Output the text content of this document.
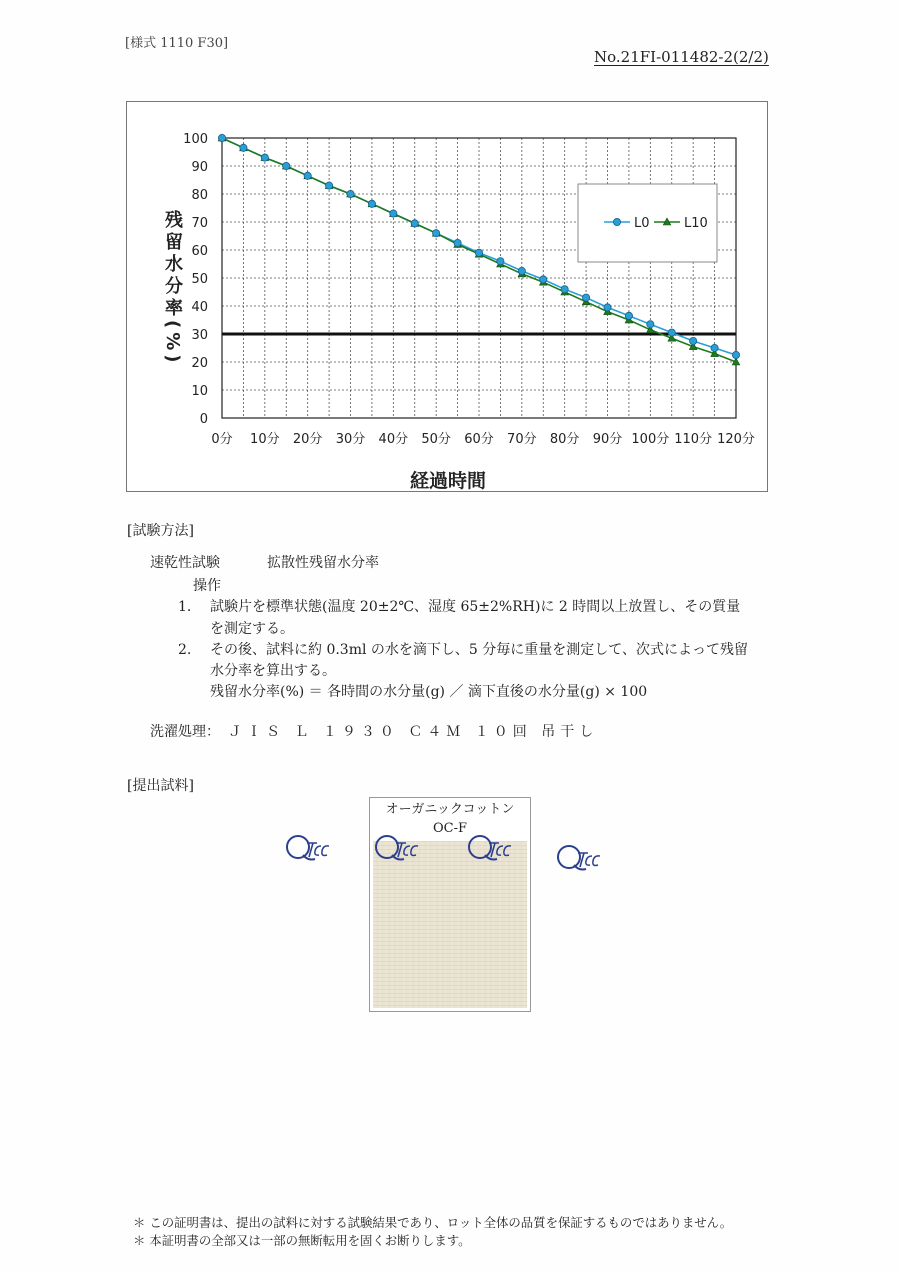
[様式 1110 F30]
No.21FI-011482-2(2/2)
0
10
20
30
40
50
60
70
80
90
100
0分 10分 20分 30分 40分 50分 60分 70分 80分 90分 100分 110分 120分
L0	L10
残留水分率(%)
経過時間
[試験方法]
速乾性試験	拡散性残留水分率
操作
1. 試験片を標準状態(温度 20±2℃、湿度 65±2%RH)に 2 時間以上放置し、その質量
を測定する。
2. その後、試料に約 0.3ml の水を滴下し、5 分毎に重量を測定して、次式によって残留
水分率を算出する。
残留水分率(%) ＝ 各時間の水分量(g) ／ 滴下直後の水分量(g) × 100
洗濯処理： ＪＩＳ Ｌ １９３０ Ｃ４Ｍ １０回 吊干し
[提出試料]
オーガニックコットン
OC-F
＊ この証明書は、提出の試料に対する試験結果であり、ロット全体の品質を保証するものではありません。
＊ 本証明書の全部又は一部の無断転用を固くお断りします。
